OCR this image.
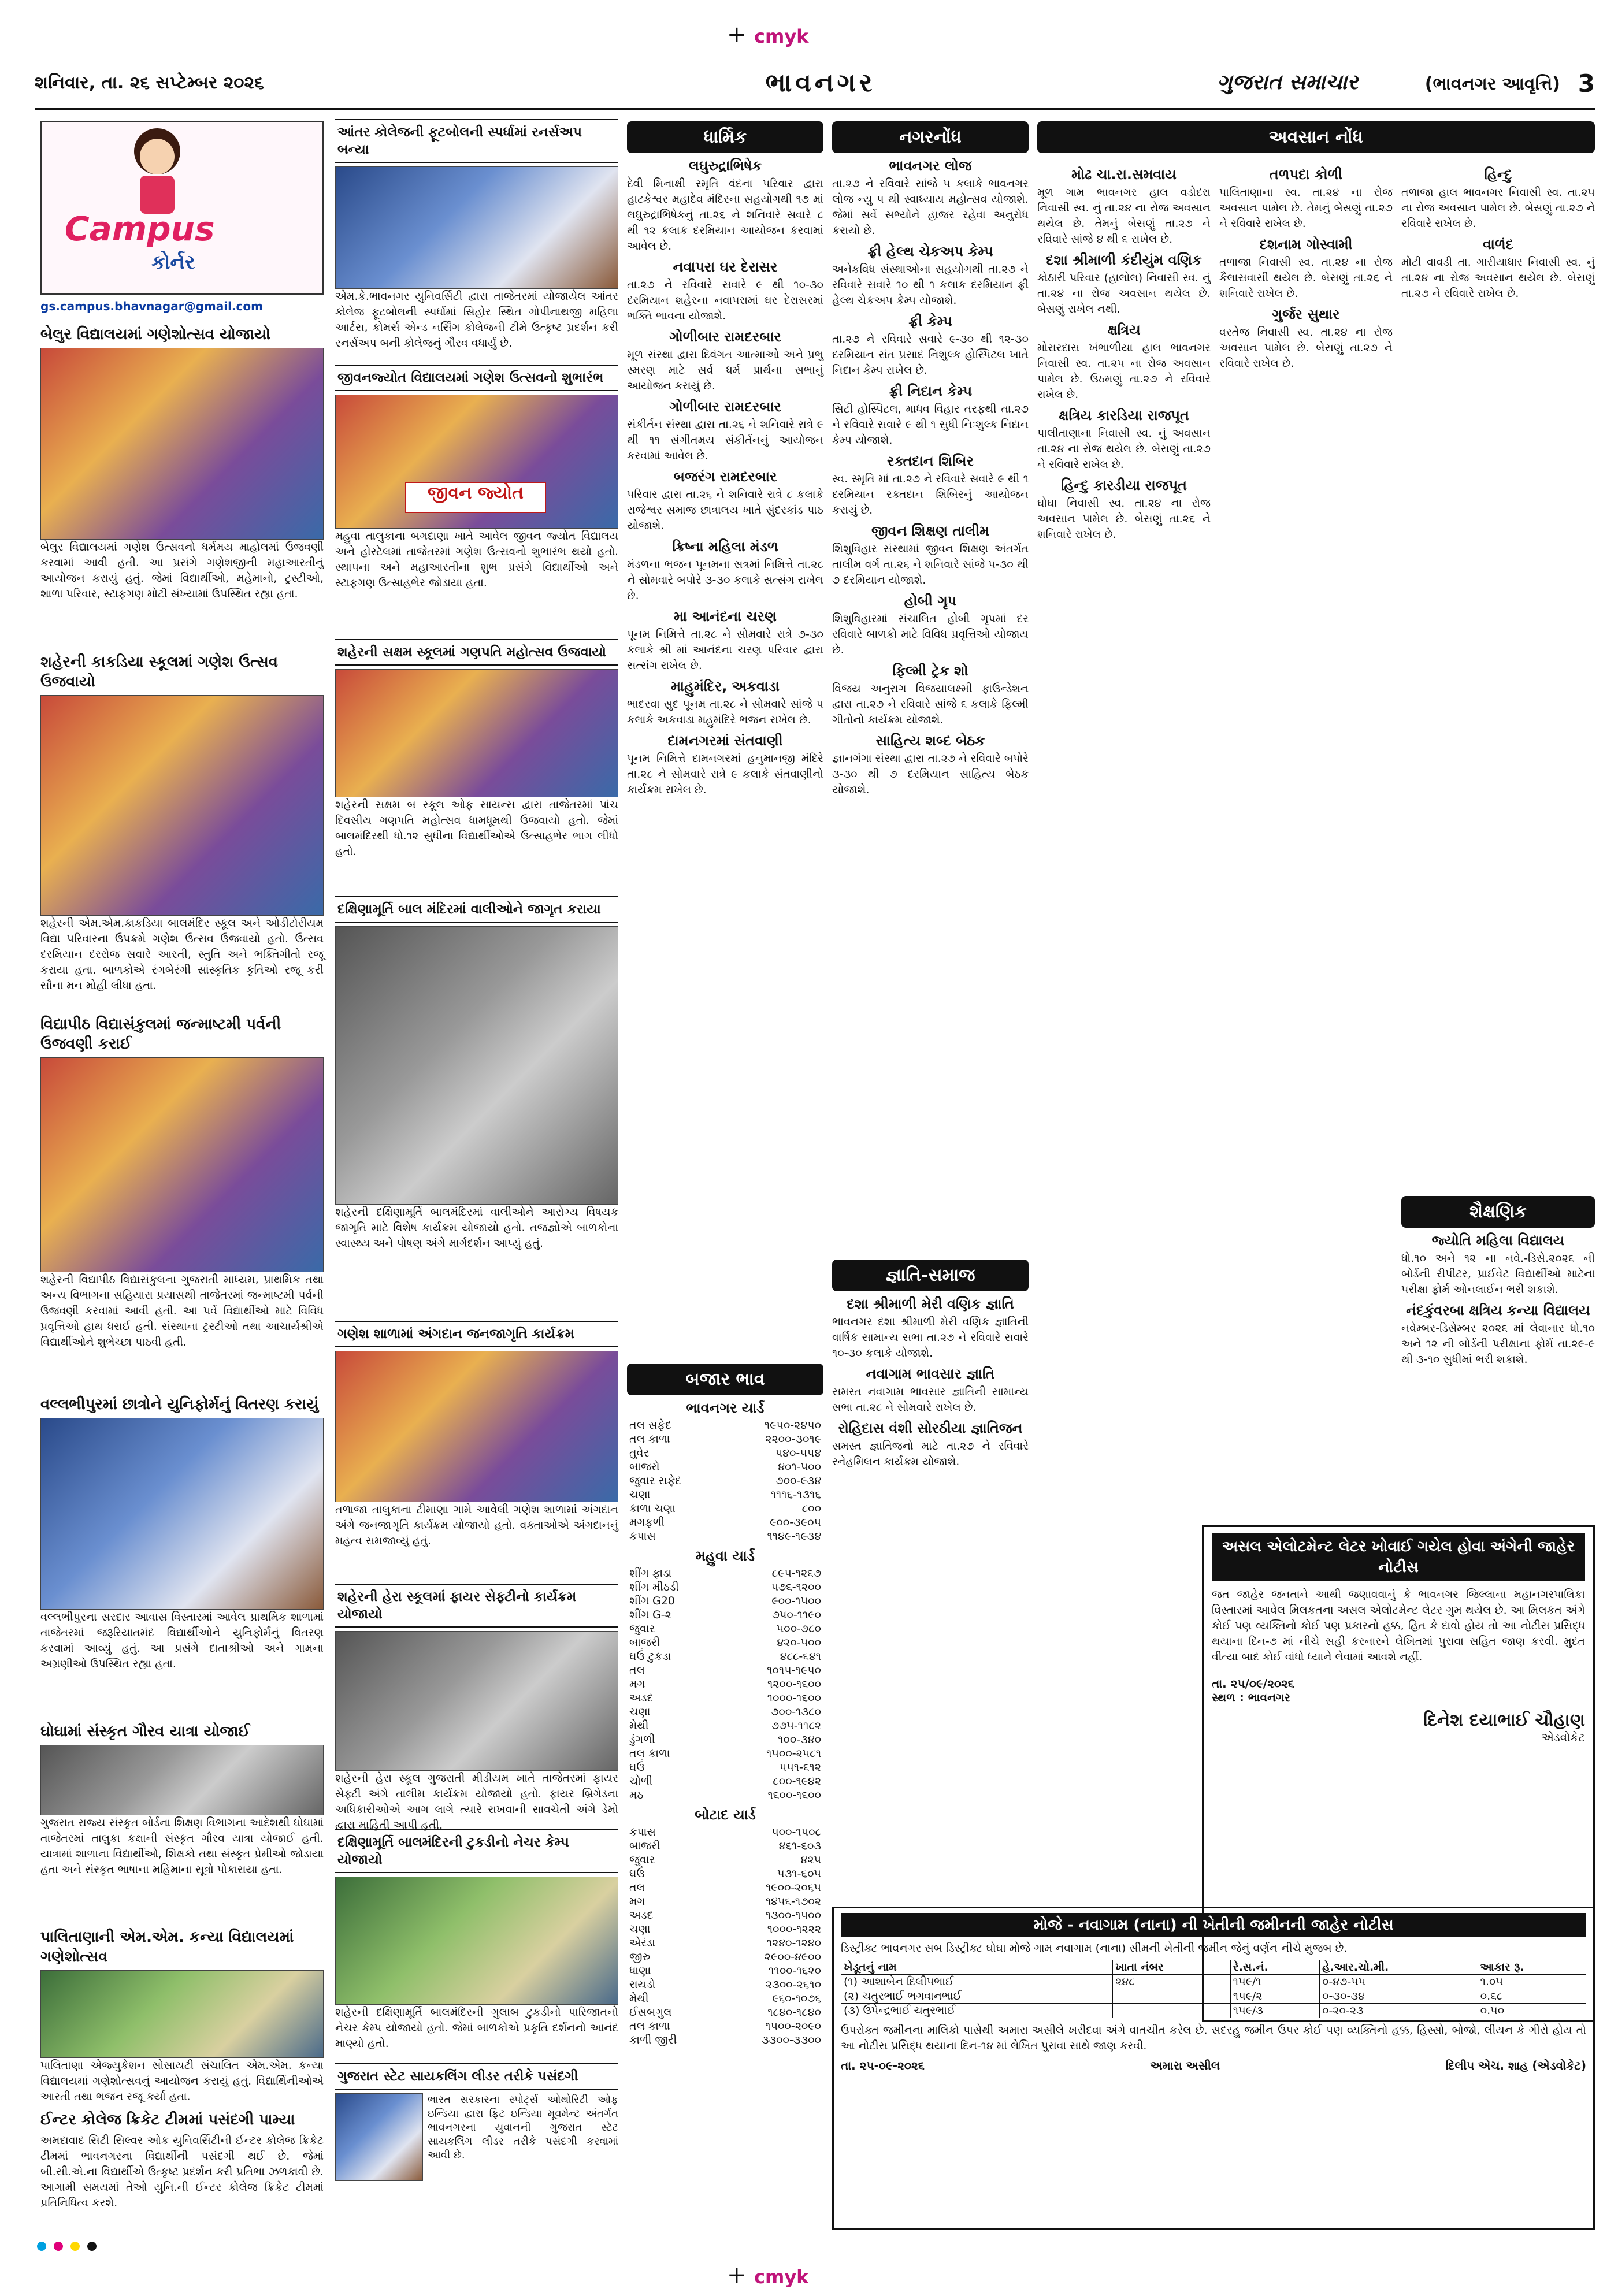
+ cmyk
શનિવાર, તા. ૨૬ સપ્ટેમ્બર ૨૦૨૬	ભાવનગર	ગુજરાત સમાચાર	(ભાવનગર આવૃત્તિ) 3
Campus
કોર્નર
gs.campus.bhavnagar@gmail.com
બેલુર વિદ્યાલયમાં ગણેશોત્સવ યોજાયો

બેલુર વિદ્યાલયમાં ગણેશ ઉત્સવનો ધર્મમય માહોલમાં ઉજવણી કરવામાં આવી હતી. આ પ્રસંગે ગણેશજીની મહાઆરતીનું આયોજન કરાયું હતું. જેમાં વિદ્યાર્થીઓ, મહેમાનો, ટ્રસ્ટીઓ, શાળા પરિવાર, સ્ટાફગણ મોટી સંખ્યામાં ઉપસ્થિત રહ્યા હતા.

શહેરની કાકડિયા સ્કૂલમાં ગણેશ ઉત્સવ ઉજવાયો

શહેરની એમ.એમ.કાકડિયા બાલમંદિર સ્કૂલ અને ઓડીટોરીયમ વિદ્યા પરિવારના ઉપક્રમે ગણેશ ઉત્સવ ઉજવાયો હતો. ઉત્સવ દરમિયાન દરરોજ સવારે આરતી, સ્તુતિ અને ભક્તિગીતો રજૂ કરાયા હતા. બાળકોએ રંગબેરંગી સાંસ્કૃતિક કૃતિઓ રજૂ કરી સૌના મન મોહી લીધા હતા.

વિદ્યાપીઠ વિદ્યાસંકુલમાં જન્માષ્ટમી પર્વની ઉજવણી કરાઈ

શહેરની વિદ્યાપીઠ વિદ્યાસંકુલના ગુજરાતી માધ્યમ, પ્રાથમિક તથા અન્ય વિભાગના સહિયારા પ્રયાસથી તાજેતરમાં જન્માષ્ટમી પર્વની ઉજવણી કરવામાં આવી હતી. આ પર્વે વિદ્યાર્થીઓ માટે વિવિધ પ્રવૃત્તિઓ હાથ ધરાઈ હતી. સંસ્થાના ટ્રસ્ટીઓ તથા આચાર્યશ્રીએ વિદ્યાર્થીઓને શુભેચ્છા પાઠવી હતી.

વલ્લભીપુરમાં છાત્રોને યુનિફોર્મનું વિતરણ કરાયું

વલ્લભીપુરના સરદાર આવાસ વિસ્તારમાં આવેલ પ્રાથમિક શાળામાં તાજેતરમાં જરૂરિયાતમંદ વિદ્યાર્થીઓને યુનિફોર્મનું વિતરણ કરવામાં આવ્યું હતું. આ પ્રસંગે દાતાશ્રીઓ અને ગામના અગ્રણીઓ ઉપસ્થિત રહ્યા હતા.

ઘોઘામાં સંસ્કૃત ગૌરવ યાત્રા યોજાઈ

ગુજરાત રાજ્ય સંસ્કૃત બોર્ડના શિક્ષણ વિભાગના આદેશથી ઘોઘામાં તાજેતરમાં તાલુકા કક્ષાની સંસ્કૃત ગૌરવ યાત્રા યોજાઈ હતી. યાત્રામાં શાળાના વિદ્યાર્થીઓ, શિક્ષકો તથા સંસ્કૃત પ્રેમીઓ જોડાયા હતા અને સંસ્કૃત ભાષાના મહિમાના સૂત્રો પોકારાયા હતા.

પાલિતાણાની એમ.એમ. કન્યા વિદ્યાલયમાં ગણેશોત્સવ

પાલિતાણા એજ્યુકેશન સોસાયટી સંચાલિત એમ.એમ. કન્યા વિદ્યાલયમાં ગણેશોત્સવનું આયોજન કરાયું હતું. વિદ્યાર્થિનીઓએ આરતી તથા ભજન રજૂ કર્યા હતા.

ઈન્ટર કોલેજ ક્રિકેટ ટીમમાં પસંદગી પામ્યા

અમદાવાદ સિટી સિલ્વર ઓક યુનિવર્સિટીની ઈન્ટર કોલેજ ક્રિકેટ ટીમમાં ભાવનગરના વિદ્યાર્થીની પસંદગી થઈ છે. જેમાં બી.સી.એ.ના વિદ્યાર્થીએ ઉત્કૃષ્ટ પ્રદર્શન કરી પ્રતિભા ઝળકાવી છે. આગામી સમયમાં તેઓ યુનિ.ની ઈન્ટર કોલેજ ક્રિકેટ ટીમમાં પ્રતિનિધિત્વ કરશે.

આંતર કોલેજની ફૂટબોલની સ્પર્ધામાં રનર્સઅપ બન્યા

એમ.કે.ભાવનગર યુનિવર્સિટી દ્વારા તાજેતરમાં યોજાયેલ આંતર કોલેજ ફૂટબોલની સ્પર્ધામાં સિહોર સ્થિત ગોપીનાથજી મહિલા આર્ટસ, કોમર્સ એન્ડ નર્સિંગ કોલેજની ટીમે ઉત્કૃષ્ટ પ્રદર્શન કરી રનર્સઅપ બની કોલેજનું ગૌરવ વધાર્યું છે.

જીવનજ્યોત વિદ્યાલયમાં ગણેશ ઉત્સવનો શુભારંભ
જીવન જ્યોત

મહુવા તાલુકાના બગદાણા ખાતે આવેલ જીવન જ્યોત વિદ્યાલય અને હોસ્ટેલમાં તાજેતરમાં ગણેશ ઉત્સવનો શુભારંભ થયો હતો. સ્થાપના અને મહાઆરતીના શુભ પ્રસંગે વિદ્યાર્થીઓ અને સ્ટાફગણ ઉત્સાહભેર જોડાયા હતા.

શહેરની સક્ષમ સ્કૂલમાં ગણપતિ મહોત્સવ ઉજવાયો

શહેરની સક્ષમ બ સ્કૂલ ઓફ સાયન્સ દ્વારા તાજેતરમાં પાંચ દિવસીય ગણપતિ મહોત્સવ ધામધૂમથી ઉજવાયો હતો. જેમાં બાલમંદિરથી ધો.૧૨ સુધીના વિદ્યાર્થીઓએ ઉત્સાહભેર ભાગ લીધો હતો.

દક્ષિણામૂર્તિ બાલ મંદિરમાં વાલીઓને જાગૃત કરાયા

શહેરની દક્ષિણામૂર્તિ બાલમંદિરમાં વાલીઓને આરોગ્ય વિષયક જાગૃતિ માટે વિશેષ કાર્યક્રમ યોજાયો હતો. તજજ્ઞોએ બાળકોના સ્વાસ્થ્ય અને પોષણ અંગે માર્ગદર્શન આપ્યું હતું.

ગણેશ શાળામાં અંગદાન જનજાગૃતિ કાર્યક્રમ

તળાજા તાલુકાના ટીમાણા ગામે આવેલી ગણેશ શાળામાં અંગદાન અંગે જનજાગૃતિ કાર્યક્રમ યોજાયો હતો. વક્તાઓએ અંગદાનનું મહત્વ સમજાવ્યું હતું.

શહેરની હેરા સ્કૂલમાં ફાયર સેફ્ટીનો કાર્યક્રમ યોજાયો

શહેરની હેરા સ્કૂલ ગુજરાતી મીડીયમ ખાતે તાજેતરમાં ફાયર સેફ્ટી અંગે તાલીમ કાર્યક્રમ યોજાયો હતો. ફાયર બ્રિગેડના અધિકારીઓએ આગ લાગે ત્યારે રાખવાની સાવચેતી અંગે ડેમો દ્વારા માહિતી આપી હતી.

દક્ષિણામૂર્તિ બાલમંદિરની ટુકડીનો નેચર કેમ્પ યોજાયો

શહેરની દક્ષિણામૂર્તિ બાલમંદિરની ગુલાબ ટુકડીનો પારિજાતનો નેચર કેમ્પ યોજાયો હતો. જેમાં બાળકોએ પ્રકૃતિ દર્શનનો આનંદ માણ્યો હતો.

ગુજરાત સ્ટેટ સાયકલિંગ લીડર તરીકે પસંદગી

ભારત સરકારના સ્પોર્ટ્સ ઓથોરિટી ઓફ ઇન્ડિયા દ્વારા ફિટ ઇન્ડિયા મૂવમેન્ટ અંતર્ગત ભાવનગરના યુવાનની ગુજરાત સ્ટેટ સાયકલિંગ લીડર તરીકે પસંદગી કરવામાં આવી છે.

ધાર્મિક
લઘુરુદ્રાભિષેક

દેવી મિનાક્ષી સ્મૃતિ વંદના પરિવાર દ્વારા હાટકેશ્વર મહાદેવ મંદિરના સહયોગથી ૧૭ માં લઘુરુદ્રાભિષેકનું તા.૨૬ ને શનિવારે સવારે ૮ થી ૧૨ કલાક દરમિયાન આયોજન કરવામાં આવેલ છે.

નવાપરા ઘર દેરાસર

તા.૨૭ ને રવિવારે સવારે ૯ થી ૧૦-૩૦ દરમિયાન શહેરના નવાપરામાં ઘર દેરાસરમાં ભક્તિ ભાવના યોજાશે.

ગોળીબાર રામદરબાર

મૂળ સંસ્થા દ્વારા દિવંગત આત્માઓ અને પ્રભુ સ્મરણ માટે સર્વ ધર્મ પ્રાર્થના સભાનું આયોજન કરાયું છે.

ગોળીબાર રામદરબાર

સંકીર્તન સંસ્થા દ્વારા તા.૨૬ ને શનિવારે રાત્રે ૯ થી ૧૧ સંગીતમય સંકીર્તનનું આયોજન કરવામાં આવેલ છે.

બજરંગ રામદરબાર

પરિવાર દ્વારા તા.૨૬ ને શનિવારે રાત્રે ૮ કલાકે રાજેશ્વર સમાજ છાત્રાલય ખાતે સુંદરકાંડ પાઠ યોજાશે.

ક્રિષ્ના મહિલા મંડળ

મંડળના ભજન પૂનમના સત્રમાં નિમિત્તે તા.૨૮ ને સોમવારે બપોરે ૩-૩૦ કલાકે સત્સંગ રાખેલ છે.

મા આનંદના ચરણ

પૂનમ નિમિત્તે તા.૨૮ ને સોમવારે રાત્રે ૭-૩૦ કલાકે શ્રી માં આનંદના ચરણ પરિવાર દ્વારા સત્સંગ રાખેલ છે.

માહુમંદિર, અકવાડા

ભાદરવા સુદ પૂનમ તા.૨૮ ને સોમવારે સાંજે ૫ કલાકે અકવાડા મહુમંદિરે ભજન રાખેલ છે.

દામનગરમાં સંતવાણી

પૂનમ નિમિત્તે દામનગરમાં હનુમાનજી મંદિરે તા.૨૮ ને સોમવારે રાત્રે ૯ કલાકે સંતવાણીનો કાર્યક્રમ રાખેલ છે.

બજાર ભાવ
ભાવનગર યાર્ડ
તલ સફેદ	૧૯૫૦-૨૪૫૦
તલ કાળા	૨૨૦૦-૩૦૧૯
તુવેર	૫૪૦-૫૫૪
બાજરો	૪૦૧-૫૦૦
જુવાર સફેદ	૭૦૦-૯૩૪
ચણા	૧૧૧૬-૧૩૧૬
કાળા ચણા	૮૦૦
મગફળી	૯૦૦-૩૯૦૫
કપાસ	૧૧૪૯-૧૯૩૪
મહુવા યાર્ડ
શીંગ ફાડા	૮૯૫-૧૨૬૭
શીંગ મીઠડી	૫૭૬-૧૨૦૦
શીંગ G20	૯૦૦-૧૫૦૦
શીંગ G-૨	૭૫૦-૧૧૯૦
જુવાર	૫૦૦-૭૮૦
બાજરી	૪૨૦-૫૦૦
ઘઉં ટુકડા	૪૮૮-૬૪૧
તલ	૧૦૧૫-૧૯૫૦
મગ	૧૨૦૦-૧૬૦૦
અડદ	૧૦૦૦-૧૬૦૦
ચણા	૭૦૦-૧૩૮૦
મેથી	૭૭૫-૧૧૮૨
ડુંગળી	૧૦૦-૩૪૦
તલ કાળા	૧૫૦૦-૨૫૮૧
ઘઉં	૫૫૧-૬૧૨
ચોળી	૮૦૦-૧૯૪૨
મઠ	૧૬૦૦-૧૬૦૦
બોટાદ યાર્ડ
કપાસ	૫૦૦-૧૫૦૮
બાજરી	૪૬૧-૬૦૩
જુવાર	૪૨૫
ઘઉં	૫૩૧-૬૦૫
તલ	૧૯૦૦-૨૦૬૫
મગ	૧૪૫૬-૧૭૦૨
અડદ	૧૩૦૦-૧૫૦૦
ચણા	૧૦૦૦-૧૨૨૨
એરંડા	૧૨૪૦-૧૨૪૦
જીરુ	૨૯૦૦-૪૯૦૦
ધાણા	૧૧૦૦-૧૬૨૦
રાયડો	૨૩૦૦-૨૬૧૦
મેથી	૯૬૦-૧૦૭૬
ઈસબગુલ	૧૮૪૦-૧૮૪૦
તલ કાળા	૧૫૦૦-૨૦૯૦
કાળી જીરી	૩૩૦૦-૩૩૦૦
નગરનોંધ
ભાવનગર લોજ

તા.૨૭ ને રવિવારે સાંજે ૫ કલાકે ભાવનગર લોજ ન્યુ ૫ થી સ્વાધ્યાય મહોત્સવ યોજાશે. જેમાં સર્વે સભ્યોને હાજર રહેવા અનુરોધ કરાયો છે.

ફ્રી હેલ્થ ચેકઅપ કેમ્પ

અનેકવિધ સંસ્થાઓના સહયોગથી તા.૨૭ ને રવિવારે સવારે ૧૦ થી ૧ કલાક દરમિયાન ફ્રી હેલ્થ ચેકઅપ કેમ્પ યોજાશે.

ફ્રી કેમ્પ

તા.૨૭ ને રવિવારે સવારે ૯-૩૦ થી ૧૨-૩૦ દરમિયાન સંત પ્રસાદ નિશુલ્ક હોસ્પિટલ ખાતે નિદાન કેમ્પ રાખેલ છે.

ફ્રી નિદાન કેમ્પ

સિટી હોસ્પિટલ, માધવ વિહાર તરફથી તા.૨૭ ને રવિવારે સવારે ૯ થી ૧ સુધી નિઃશુલ્ક નિદાન કેમ્પ યોજાશે.

રક્તદાન શિબિર

સ્વ. સ્મૃતિ માં તા.૨૭ ને રવિવારે સવારે ૯ થી ૧ દરમિયાન રક્તદાન શિબિરનું આયોજન કરાયું છે.

જીવન શિક્ષણ તાલીમ

શિશુવિહાર સંસ્થામાં જીવન શિક્ષણ અંતર્ગત તાલીમ વર્ગ તા.૨૬ ને શનિવારે સાંજે ૫-૩૦ થી ૭ દરમિયાન યોજાશે.

હોબી ગૃપ

શિશુવિહારમાં સંચાલિત હોબી ગૃપમાં દર રવિવારે બાળકો માટે વિવિધ પ્રવૃત્તિઓ યોજાય છે.

ફિલ્મી ટ્રેક શો

વિજય અનુરાગ વિજયાલક્ષ્મી ફાઉન્ડેશન દ્વારા તા.૨૭ ને રવિવારે સાંજે ૬ કલાકે ફિલ્મી ગીતોનો કાર્યક્રમ યોજાશે.

સાહિત્ય શબ્દ બેઠક

જ્ઞાનગંગા સંસ્થા દ્વારા તા.૨૭ ને રવિવારે બપોરે ૩-૩૦ થી ૭ દરમિયાન સાહિત્ય બેઠક યોજાશે.

જ્ઞાતિ-સમાજ
દશા શ્રીમાળી મેરી વણિક જ્ઞાતિ

ભાવનગર દશા શ્રીમાળી મેરી વણિક જ્ઞાતિની વાર્ષિક સામાન્ય સભા તા.૨૭ ને રવિવારે સવારે ૧૦-૩૦ કલાકે યોજાશે.

નવાગામ ભાવસાર જ્ઞાતિ

સમસ્ત નવાગામ ભાવસાર જ્ઞાતિની સામાન્ય સભા તા.૨૮ ને સોમવારે રાખેલ છે.

રોહિદાસ વંશી સોરઠીયા જ્ઞાતિજન

સમસ્ત જ્ઞાતિજનો માટે તા.૨૭ ને રવિવારે સ્નેહમિલન કાર્યક્રમ યોજાશે.

અવસાન નોંધ
મોઢ ચા.રા.સમવાય

મૂળ ગામ ભાવનગર હાલ વડોદરા નિવાસી સ્વ. નું તા.૨૪ ના રોજ અવસાન થયેલ છે. તેમનું બેસણું તા.૨૭ ને રવિવારે સાંજે ૪ થી ૬ રાખેલ છે.

દશા શ્રીમાળી કંદીયુંમ વણિક

કોઠારી પરિવાર (હાલોલ) નિવાસી સ્વ. નું તા.૨૪ ના રોજ અવસાન થયેલ છે. બેસણું રાખેલ નથી.

ક્ષત્રિય

મોરારદાસ ખંભાળીયા હાલ ભાવનગર નિવાસી સ્વ. તા.૨૫ ના રોજ અવસાન પામેલ છે. ઉઠમણું તા.૨૭ ને રવિવારે રાખેલ છે.

ક્ષત્રિય કારડિયા રાજપૂત

પાલીતાણાના નિવાસી સ્વ. નું અવસાન તા.૨૪ ના રોજ થયેલ છે. બેસણું તા.૨૭ ને રવિવારે રાખેલ છે.

હિન્દુ કારડીયા રાજપૂત

ઘોઘા નિવાસી સ્વ. તા.૨૪ ના રોજ અવસાન પામેલ છે. બેસણું તા.૨૬ ને શનિવારે રાખેલ છે.

તળપદા કોળી

પાલિતાણાના સ્વ. તા.૨૪ ના રોજ અવસાન પામેલ છે. તેમનું બેસણું તા.૨૭ ને રવિવારે રાખેલ છે.

દશનામ ગોસ્વામી

તળાજા નિવાસી સ્વ. તા.૨૪ ના રોજ કૈલાસવાસી થયેલ છે. બેસણું તા.૨૬ ને શનિવારે રાખેલ છે.

ગુર્જર સુથાર

વરતેજ નિવાસી સ્વ. તા.૨૪ ના રોજ અવસાન પામેલ છે. બેસણું તા.૨૭ ને રવિવારે રાખેલ છે.

હિન્દુ

તળાજા હાલ ભાવનગર નિવાસી સ્વ. તા.૨૫ ના રોજ અવસાન પામેલ છે. બેસણું તા.૨૭ ને રવિવારે રાખેલ છે.

વાળંદ

મોટી વાવડી તા. ગારીયાધાર નિવાસી સ્વ. નું તા.૨૪ ના રોજ અવસાન થયેલ છે. બેસણું તા.૨૭ ને રવિવારે રાખેલ છે.

શૈક્ષણિક
જ્યોતિ મહિલા વિદ્યાલય

ધો.૧૦ અને ૧૨ ના નવે.-ડિસે.૨૦૨૬ ની બોર્ડની રીપીટર, પ્રાઈવેટ વિદ્યાર્થીઓ માટેના પરીક્ષા ફોર્મ ઓનલાઈન ભરી શકાશે.

નંદકુંવરબા ક્ષત્રિય કન્યા વિદ્યાલય

નવેમ્બર-ડિસેમ્બર ૨૦૨૬ માં લેવાનાર ધો.૧૦ અને ૧૨ ની બોર્ડની પરીક્ષાના ફોર્મ તા.૨૯-૯ થી ૩-૧૦ સુધીમાં ભરી શકાશે.

અસલ એલોટમેન્ટ લેટર ખોવાઈ ગયેલ હોવા અંગેની જાહેર નોટીસ

જત જાહેર જનતાને આથી જણાવવાનું કે ભાવનગર જિલ્લાના મહાનગરપાલિકા વિસ્તારમાં આવેલ મિલકતના અસલ એલોટમેન્ટ લેટર ગુમ થયેલ છે. આ મિલકત અંગે કોઈ પણ વ્યક્તિનો કોઈ પણ પ્રકારનો હક્ક, હિત કે દાવો હોય તો આ નોટીસ પ્રસિદ્ધ થયાના દિન-૭ માં નીચે સહી કરનારને લેખિતમાં પુરાવા સહિત જાણ કરવી. મુદત વીત્યા બાદ કોઈ વાંધો ધ્યાને લેવામાં આવશે નહીં.

તા. ૨૫/૦૯/૨૦૨૬
સ્થળ : ભાવનગર
દિનેશ દયાભાઈ ચૌહાણ
એડવોકેટ
મોજે - નવાગામ (નાના) ની ખેતીની જમીનની જાહેર નોટીસ

ડિસ્ટ્રીક્ટ ભાવનગર સબ ડિસ્ટ્રીક્ટ ઘોઘા મોજે ગામ નવાગામ (નાના) સીમની ખેતીની જમીન જેનું વર્ણન નીચે મુજબ છે.

ખેડૂતનું નામ	ખાતા નંબર	રે.સ.નં.	હે.આર.ચો.મી.	આકાર રૂ.
(૧) આશાબેન દિલીપભાઈ	૨૪૮	૧૫૯/૧	૦-૪૭-૫૫	૧.૦૫
(૨) ચતુરભાઈ ભગવાનભાઈ		૧૫૯/૨	૦-૩૦-૩૪	૦.૬૮
(૩) ઉપેન્દ્રભાઈ ચતુરભાઈ		૧૫૯/૩	૦-૨૦-૨૩	૦.૫૦

ઉપરોક્ત જમીનના માલિકો પાસેથી અમારા અસીલે ખરીદવા અંગે વાતચીત કરેલ છે. સદરહુ જમીન ઉપર કોઈ પણ વ્યક્તિનો હક્ક, હિસ્સો, બોજો, લીયન કે ગીરો હોય તો આ નોટીસ પ્રસિદ્ધ થયાના દિન-૧૪ માં લેખિત પુરાવા સાથે જાણ કરવી.

તા. ૨૫-૦૯-૨૦૨૬	અમારા અસીલ	દિલીપ એચ. શાહ (એડવોકેટ)

+ cmyk
